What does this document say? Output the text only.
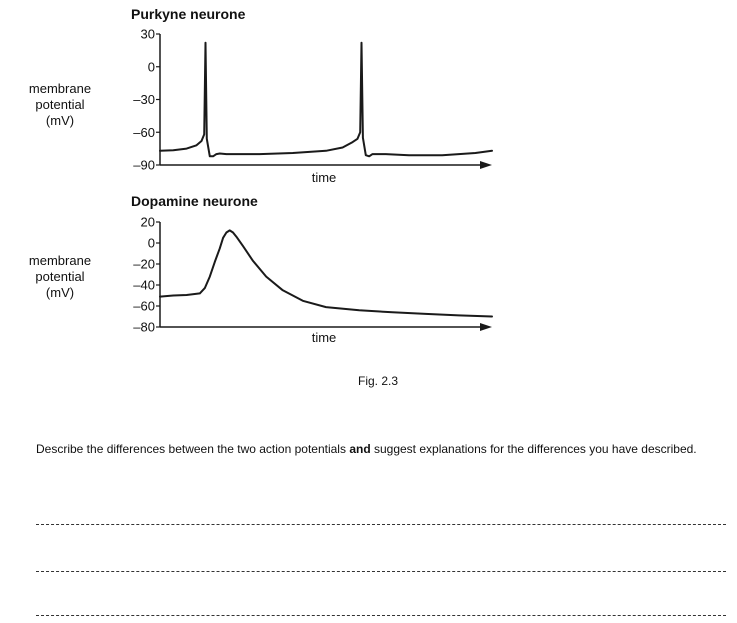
Purkyne neurone
membrane
potential
(mV)
Dopamine neurone
membrane
potential
(mV)
30
0
–30
–60
–90
time
20
0
–20
–40
–60
–80
time
Fig. 2.3
Describe the differences between the two action potentials and suggest explanations for the differences you have described.
